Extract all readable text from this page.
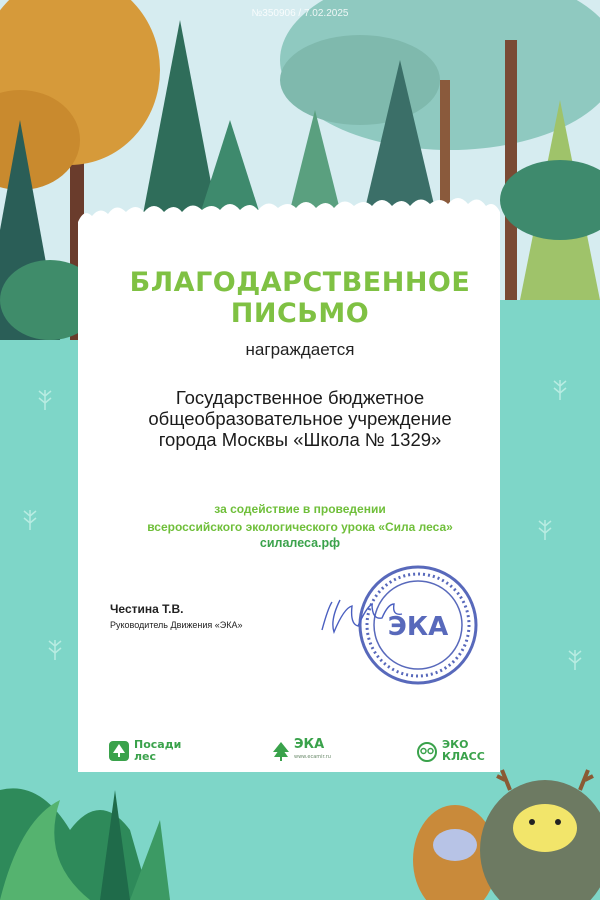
№350906 / 7.02.2025
БЛАГОДАРСТВЕННОЕ
ПИСЬМО
награждается
Государственное бюджетное
общеобразовательное учреждение
города Москвы «Школа № 1329»
за содействие в проведении
всероссийского экологического урока «Сила леса»
силалеса.рф
Честина Т.В.
Руководитель Движения «ЭКА»	ЭКА
Посади
лес
ЭКА
www.ecamir.ru
ЭКО
КЛАСС
